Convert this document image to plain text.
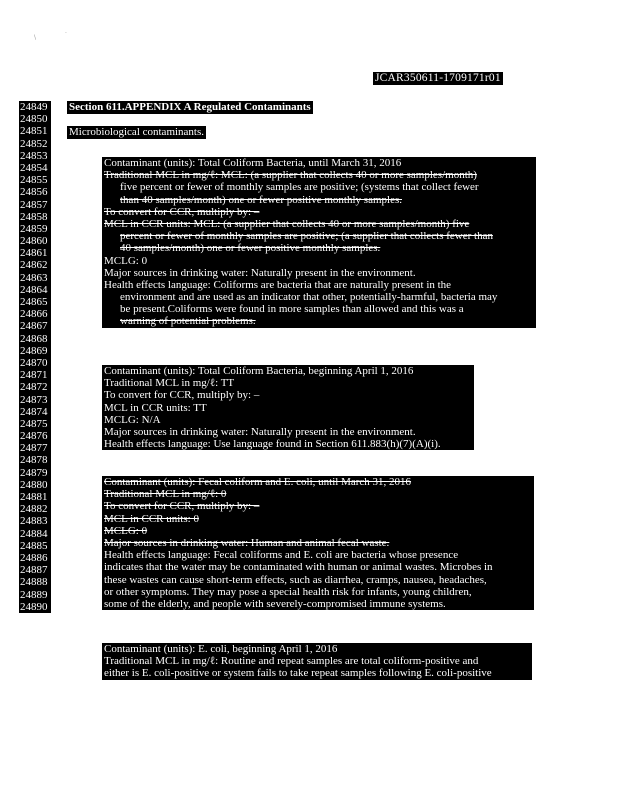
\
·
JCAR350611-1709171r01
24849
24850
24851
24852
24853
24854
24855
24856
24857
24858
24859
24860
24861
24862
24863
24864
24865
24866
24867
24868
24869
24870
24871
24872
24873
24874
24875
24876
24877
24878
24879
24880
24881
24882
24883
24884
24885
24886
24887
24888
24889
24890
Section 611.APPENDIX A Regulated Contaminants
Microbiological contaminants.
Contaminant (units): Total Coliform Bacteria, until March 31, 2016
Traditional MCL in mg/ℓ: MCL: (a supplier that collects 40 or more samples/month)
five percent or fewer of monthly samples are positive; (systems that collect fewer
than 40 samples/month) one or fewer positive monthly samples.
To convert for CCR, multiply by: –
MCL in CCR units: MCL: (a supplier that collects 40 or more samples/month) five
percent or fewer of monthly samples are positive; (a supplier that collects fewer than
40 samples/month) one or fewer positive monthly samples.
MCLG: 0
Major sources in drinking water: Naturally present in the environment.
Health effects language: Coliforms are bacteria that are naturally present in the
environment and are used as an indicator that other, potentially-harmful, bacteria may
be present.Coliforms were found in more samples than allowed and this was a
warning of potential problems.
Contaminant (units): Total Coliform Bacteria, beginning April 1, 2016
Traditional MCL in mg/ℓ: TT
To convert for CCR, multiply by: –
MCL in CCR units: TT
MCLG: N/A
Major sources in drinking water: Naturally present in the environment.
Health effects language: Use language found in Section 611.883(h)(7)(A)(i).
Contaminant (units): Fecal coliform and E. coli, until March 31, 2016
Traditional MCL in mg/ℓ: 0
To convert for CCR, multiply by: –
MCL in CCR units: 0
MCLG: 0
Major sources in drinking water: Human and animal fecal waste.
Health effects language: Fecal coliforms and E. coli are bacteria whose presence
indicates that the water may be contaminated with human or animal wastes. Microbes in
these wastes can cause short-term effects, such as diarrhea, cramps, nausea, headaches,
or other symptoms. They may pose a special health risk for infants, young children,
some of the elderly, and people with severely-compromised immune systems.
Contaminant (units): E. coli, beginning April 1, 2016
Traditional MCL in mg/ℓ: Routine and repeat samples are total coliform-positive and
either is E. coli-positive or system fails to take repeat samples following E. coli-positive
